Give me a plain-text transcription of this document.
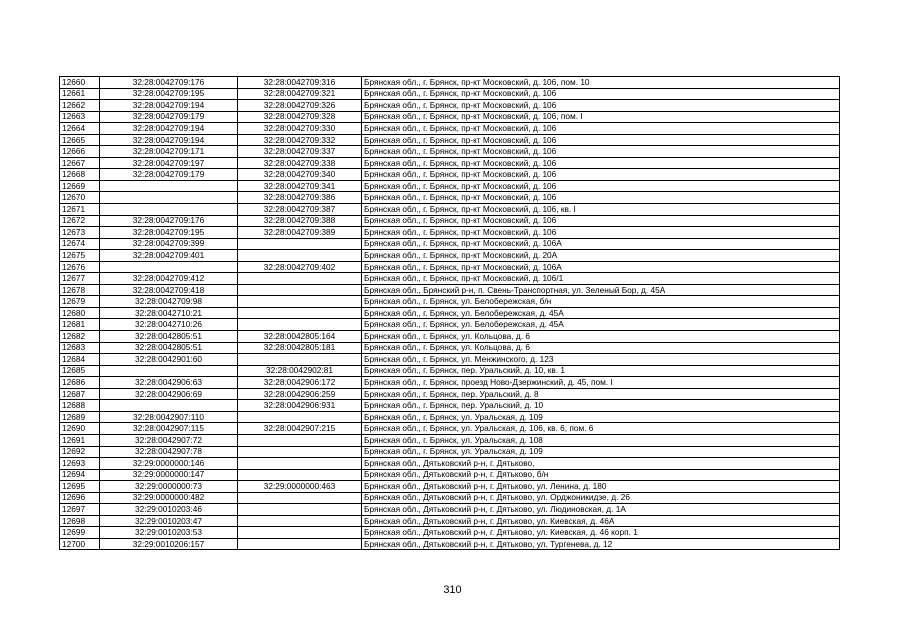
12660	32:28:0042709:176	32:28:0042709:316	Брянская обл., г. Брянск, пр-кт Московский, д. 106, пом. 10
12661	32:28:0042709:195	32:28:0042709:321	Брянская обл., г. Брянск, пр-кт Московский, д. 106
12662	32:28:0042709:194	32:28:0042709:326	Брянская обл., г. Брянск, пр-кт Московский, д. 106
12663	32:28:0042709:179	32:28:0042709:328	Брянская обл., г. Брянск, пр-кт Московский, д. 106, пом. I
12664	32:28:0042709:194	32:28:0042709:330	Брянская обл., г. Брянск, пр-кт Московский, д. 106
12665	32:28:0042709:194	32:28:0042709:332	Брянская обл., г. Брянск, пр-кт Московский, д. 106
12666	32:28:0042709:171	32:28:0042709:337	Брянская обл., г. Брянск, пр-кт Московский, д. 106
12667	32:28:0042709:197	32:28:0042709:338	Брянская обл., г. Брянск, пр-кт Московский, д. 106
12668	32:28:0042709:179	32:28:0042709:340	Брянская обл., г. Брянск, пр-кт Московский, д. 106
12669		32:28:0042709:341	Брянская обл., г. Брянск, пр-кт Московский, д. 106
12670		32:28:0042709:386	Брянская обл., г. Брянск, пр-кт Московский, д. 106
12671		32:28:0042709:387	Брянская обл., г. Брянск, пр-кт Московский, д. 106, кв. I
12672	32:28:0042709:176	32:28:0042709:388	Брянская обл., г. Брянск, пр-кт Московский, д. 106
12673	32:28:0042709:195	32:28:0042709:389	Брянская обл., г. Брянск, пр-кт Московский, д. 106
12674	32:28:0042709:399		Брянская обл., г. Брянск, пр-кт Московский, д. 106А
12675	32:28:0042709:401		Брянская обл., г. Брянск, пр-кт Московский, д. 20А
12676		32:28:0042709:402	Брянская обл., г. Брянск, пр-кт Московский, д. 106А
12677	32:28:0042709:412		Брянская обл., г. Брянск, пр-кт Московский, д. 106/1
12678	32:28:0042709:418		Брянская обл., Брянский р-н, п. Свень-Транспортная, ул. Зеленый Бор, д. 45А
12679	32:28:0042709:98		Брянская обл., г. Брянск, ул. Белобережская, б/н
12680	32:28:0042710:21		Брянская обл., г. Брянск, ул. Белобережская, д. 45А
12681	32:28:0042710:26		Брянская обл., г. Брянск, ул. Белобережская, д. 45А
12682	32:28:0042805:51	32:28:0042805:164	Брянская обл., г. Брянск, ул. Кольцова, д. 6
12683	32:28:0042805:51	32:28:0042805:181	Брянская обл., г. Брянск, ул. Кольцова, д. 6
12684	32:28:0042901:60		Брянская обл., г. Брянск, ул. Менжинского, д. 123
12685		32:28:0042902:81	Брянская обл., г. Брянск, пер. Уральский, д. 10, кв. 1
12686	32:28:0042906:63	32:28:0042906:172	Брянская обл., г. Брянск, проезд Ново-Дзержинский, д. 45, пом. I
12687	32:28:0042906:69	32:28:0042906:259	Брянская обл., г. Брянск, пер. Уральский, д. 8
12688		32:28:0042906:931	Брянская обл., г. Брянск, пер. Уральский, д. 10
12689	32:28:0042907:110		Брянская обл., г. Брянск, ул. Уральская, д. 109
12690	32:28:0042907:115	32:28:0042907:215	Брянская обл., г. Брянск, ул. Уральская, д. 106, кв. 6, пом. 6
12691	32:28:0042907:72		Брянская обл., г. Брянск, ул. Уральская, д. 108
12692	32:28:0042907:78		Брянская обл., г. Брянск, ул. Уральская, д. 109
12693	32:29:0000000:146		Брянская обл., Дятьковский р-н, г. Дятьково,
12694	32:29:0000000:147		Брянская обл., Дятьковский р-н, г. Дятьково, б/н
12695	32:29:0000000:73	32:29:0000000:463	Брянская обл., Дятьковский р-н, г. Дятьково, ул. Ленина, д. 180
12696	32:29:0000000:482		Брянская обл., Дятьковский р-н, г. Дятьково, ул. Орджоникидзе, д. 26
12697	32:29:0010203:46		Брянская обл., Дятьковский р-н, г. Дятьково, ул. Людиновская, д. 1А
12698	32:29:0010203:47		Брянская обл., Дятьковский р-н, г. Дятьково, ул. Киевская, д. 46А
12699	32:29:0010203:53		Брянская обл., Дятьковский р-н, г. Дятьково, ул. Киевская, д. 46 корп. 1
12700	32:29:0010206:157		Брянская обл., Дятьковский р-н, г. Дятьково, ул. Тургенева, д. 12
310
